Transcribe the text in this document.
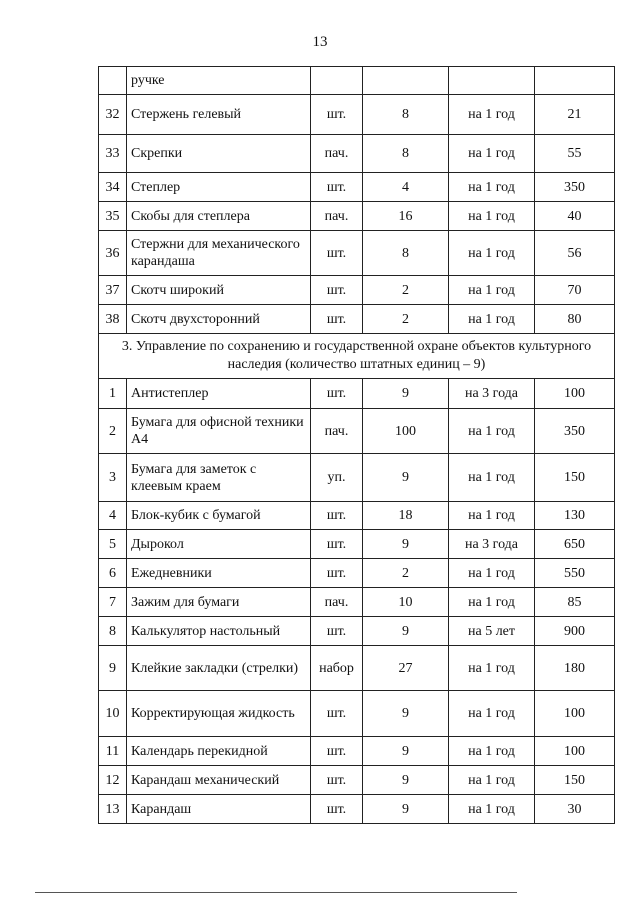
13
	ручке				
32	Стержень гелевый	шт.	8	на 1 год	21
33	Скрепки	пач.	8	на 1 год	55
34	Степлер	шт.	4	на 1 год	350
35	Скобы для степлера	пач.	16	на 1 год	40
36	Стержни для механического карандаша	шт.	8	на 1 год	56
37	Скотч широкий	шт.	2	на 1 год	70
38	Скотч двухсторонний	шт.	2	на 1 год	80
3. Управление по сохранению и государственной охране объектов культурного наследия (количество штатных единиц – 9)					
1	Антистеплер	шт.	9	на 3 года	100
2	Бумага для офисной техники А4	пач.	100	на 1 год	350
3	Бумага для заметок с клеевым краем	уп.	9	на 1 год	150
4	Блок-кубик с бумагой	шт.	18	на 1 год	130
5	Дырокол	шт.	9	на 3 года	650
6	Ежедневники	шт.	2	на 1 год	550
7	Зажим для бумаги	пач.	10	на 1 год	85
8	Калькулятор настольный	шт.	9	на 5 лет	900
9	Клейкие закладки (стрелки)	набор	27	на 1 год	180
10	Корректирующая жидкость	шт.	9	на 1 год	100
11	Календарь перекидной	шт.	9	на 1 год	100
12	Карандаш механический	шт.	9	на 1 год	150
13	Карандаш	шт.	9	на 1 год	30
